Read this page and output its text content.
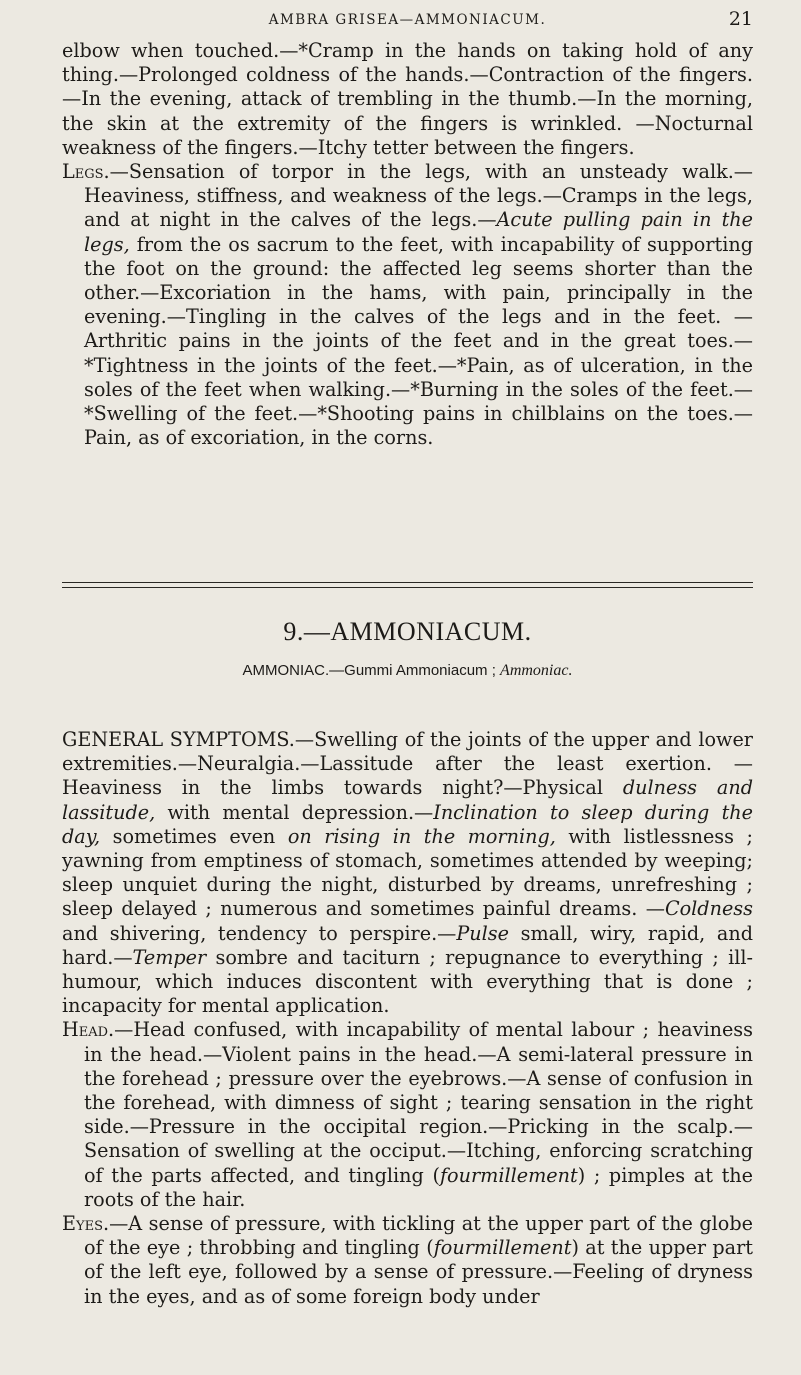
AMBRA GRISEA—AMMONIACUM.	21

elbow when touched.—*Cramp in the hands on taking hold of any thing.—Prolonged coldness of the hands.—Contraction of the fingers.—In the evening, attack of trembling in the thumb.—In the morning, the skin at the extremity of the fingers is wrinkled. —Nocturnal weakness of the fingers.—Itchy tetter between the fingers.

Legs.—Sensation of torpor in the legs, with an unsteady walk.— Heaviness, stiffness, and weakness of the legs.—Cramps in the legs, and at night in the calves of the legs.—Acute pulling pain in the legs, from the os sacrum to the feet, with incapability of supporting the foot on the ground: the affected leg seems shorter than the other.—Excoriation in the hams, with pain, principally in the evening.—Tingling in the calves of the legs and in the feet. —Arthritic pains in the joints of the feet and in the great toes.— *Tightness in the joints of the feet.—*Pain, as of ulceration, in the soles of the feet when walking.—*Burning in the soles of the feet.—*Swelling of the feet.—*Shooting pains in chilblains on the toes.—Pain, as of excoriation, in the corns.

9.—AMMONIACUM.
AMMONIAC.—Gummi Ammoniacum ; Ammoniac.

GENERAL SYMPTOMS.—Swelling of the joints of the upper and lower extremities.—Neuralgia.—Lassitude after the least exertion. —Heaviness in the limbs towards night?—Physical dulness and lassitude, with mental depression.—Inclination to sleep during the day, sometimes even on rising in the morning, with listlessness ; yawning from emptiness of stomach, sometimes attended by weeping; sleep unquiet during the night, disturbed by dreams, unrefreshing ; sleep delayed ; numerous and sometimes painful dreams. —Coldness and shivering, tendency to perspire.—Pulse small, wiry, rapid, and hard.—Temper sombre and taciturn ; repugnance to everything ; ill-humour, which induces discontent with everything that is done ; incapacity for mental application.

Head.—Head confused, with incapability of mental labour ; heaviness in the head.—Violent pains in the head.—A semi-lateral pressure in the forehead ; pressure over the eyebrows.—A sense of confusion in the forehead, with dimness of sight ; tearing sensation in the right side.—Pressure in the occipital region.—Pricking in the scalp.—Sensation of swelling at the occiput.—Itching, enforcing scratching of the parts affected, and tingling (fourmillement) ; pimples at the roots of the hair.

Eyes.—A sense of pressure, with tickling at the upper part of the globe of the eye ; throbbing and tingling (fourmillement) at the upper part of the left eye, followed by a sense of pressure.—Feeling of dryness in the eyes, and as of some foreign body under
